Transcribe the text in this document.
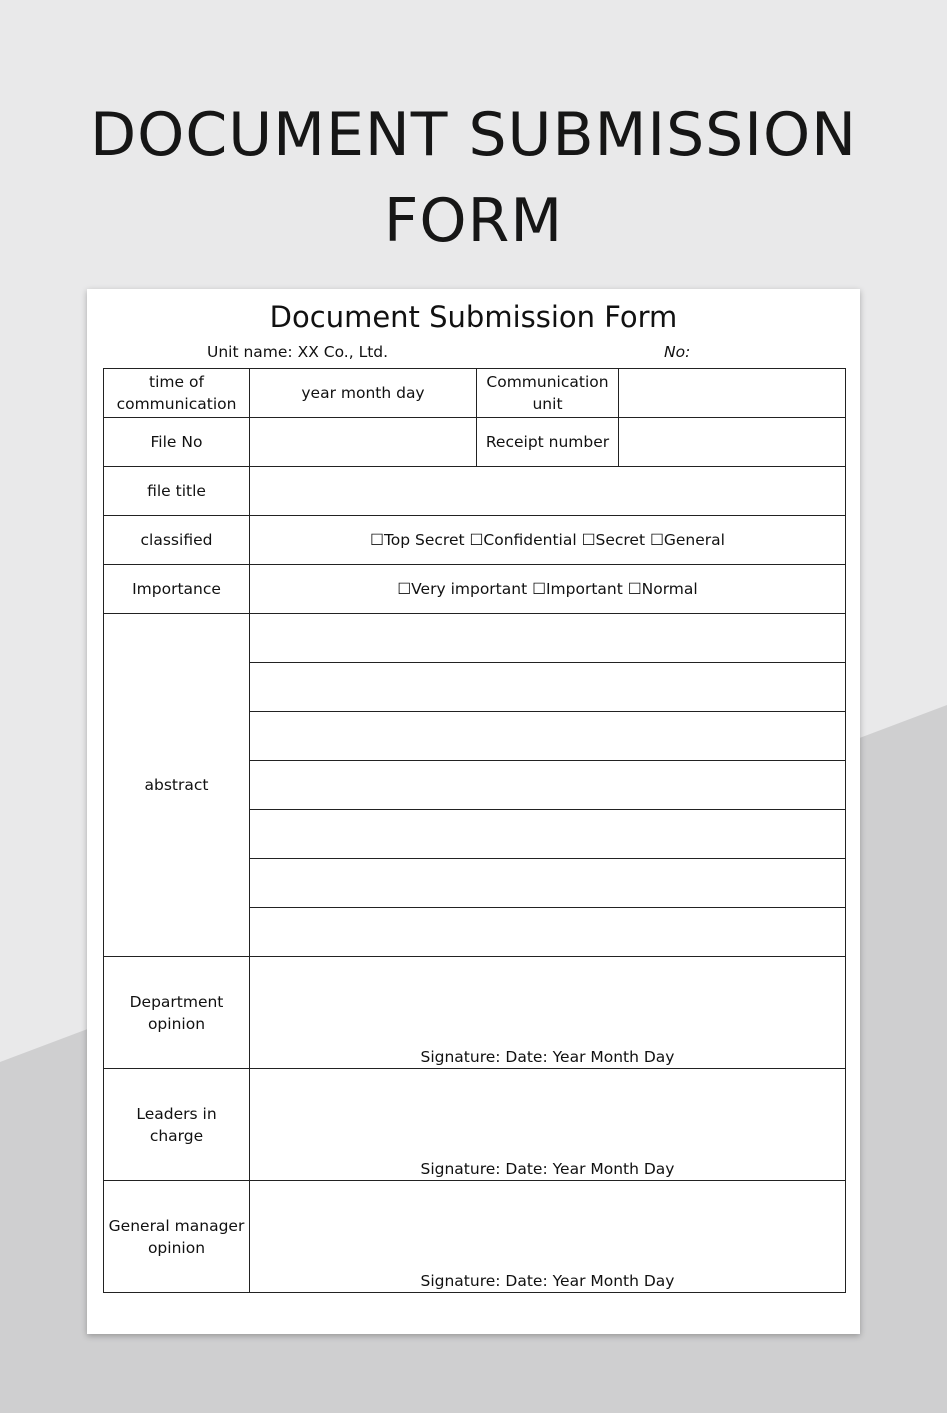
DOCUMENT SUBMISSION
FORM
Document Submission Form
Unit name: XX Co., Ltd.	No:
time of communication	year month day	Communication unit	
File No		Receipt number	
file title			
classified	☐Top Secret ☐Confidential ☐Secret ☐General		
Importance	☐Very important ☐Important ☐Normal		
abstract			

Department opinion	Signature: Date: Year Month Day		

Leaders in charge	Signature: Date: Year Month Day		

General manager opinion	Signature: Date: Year Month Day		
